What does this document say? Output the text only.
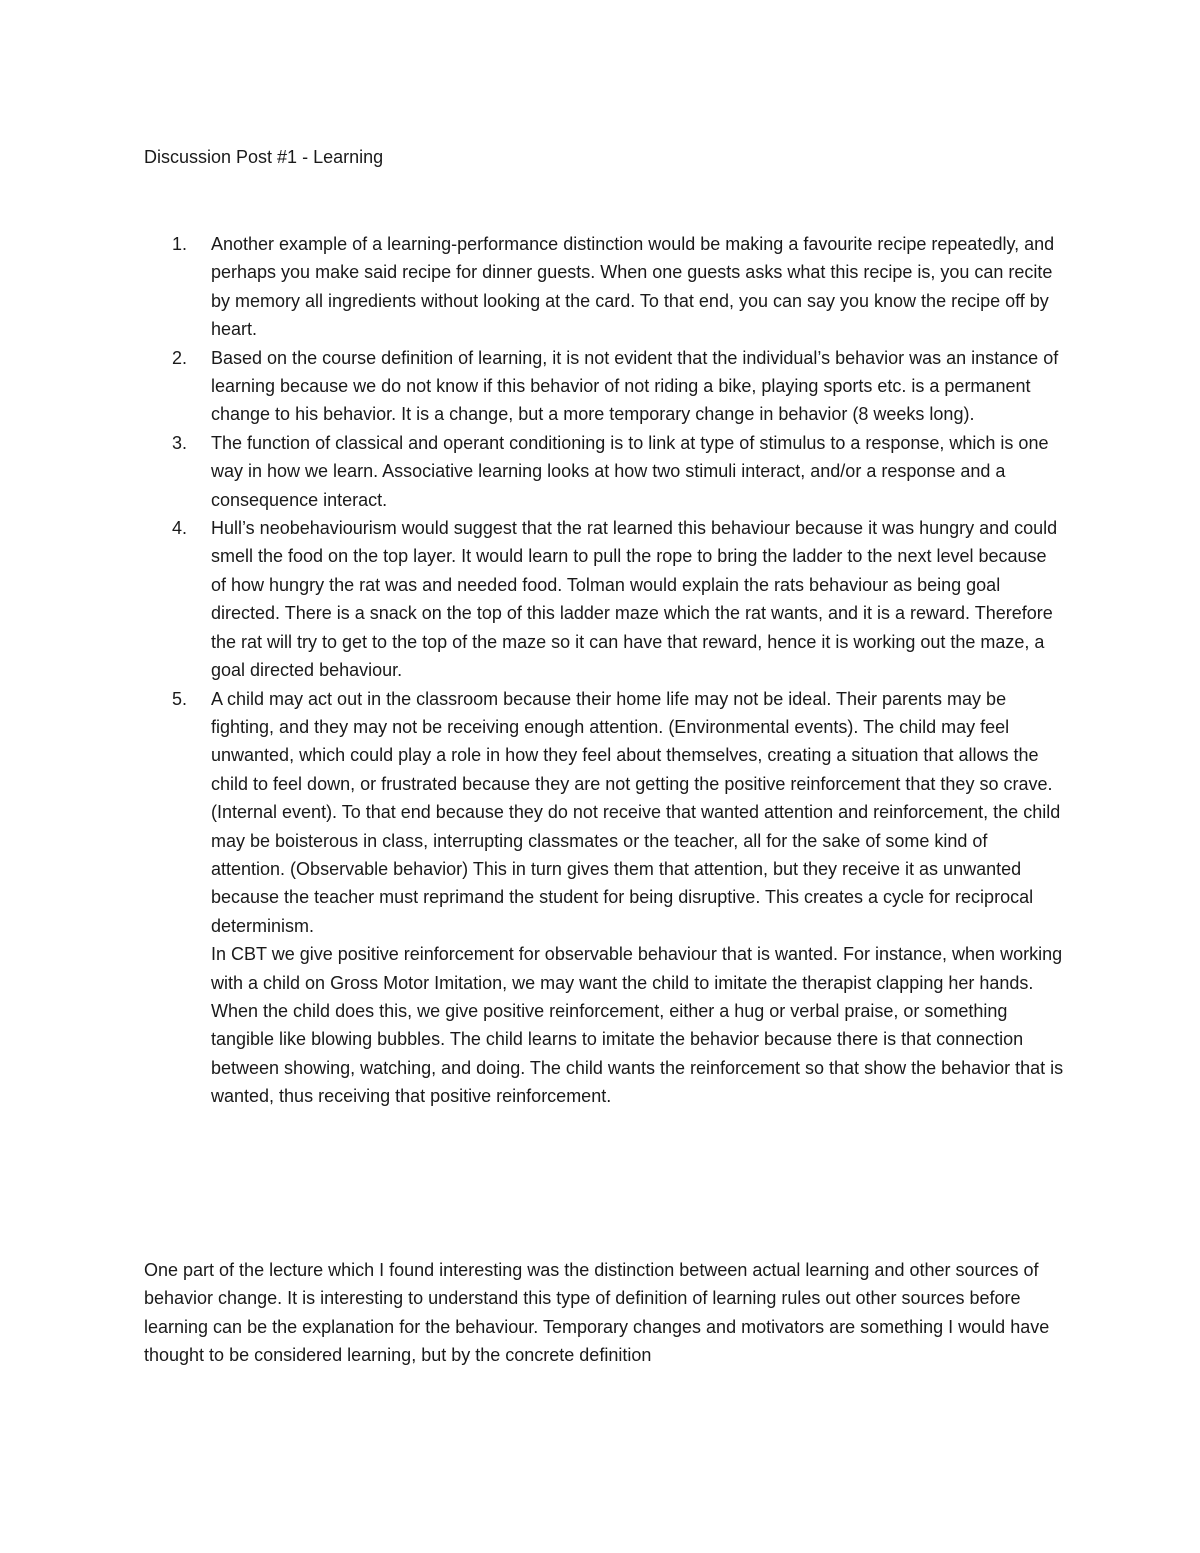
Discussion Post #1 - Learning
1. Another example of a learning-performance distinction would be making a favourite recipe repeatedly, and perhaps you make said recipe for dinner guests. When one guests asks what this recipe is, you can recite by memory all ingredients without looking at the card. To that end, you can say you know the recipe off by heart.
2. Based on the course definition of learning, it is not evident that the individual’s behavior was an instance of learning because we do not know if this behavior of not riding a bike, playing sports etc. is a permanent change to his behavior. It is a change, but a more temporary change in behavior (8 weeks long).
3. The function of classical and operant conditioning is to link at type of stimulus to a response, which is one way in how we learn. Associative learning looks at how two stimuli interact, and/or a response and a consequence interact.
4. Hull’s neobehaviourism would suggest that the rat learned this behaviour because it was hungry and could smell the food on the top layer. It would learn to pull the rope to bring the ladder to the next level because of how hungry the rat was and needed food. Tolman would explain the rats behaviour as being goal directed. There is a snack on the top of this ladder maze which the rat wants, and it is a reward. Therefore the rat will try to get to the top of the maze so it can have that reward, hence it is working out the maze, a goal directed behaviour.
5. A child may act out in the classroom because their home life may not be ideal. Their parents may be fighting, and they may not be receiving enough attention. (Environmental events). The child may feel unwanted, which could play a role in how they feel about themselves, creating a situation that allows the child to feel down, or frustrated because they are not getting the positive reinforcement that they so crave. (Internal event). To that end because they do not receive that wanted attention and reinforcement, the child may be boisterous in class, interrupting classmates or the teacher, all for the sake of some kind of attention. (Observable behavior) This in turn gives them that attention, but they receive it as unwanted because the teacher must reprimand the student for being disruptive. This creates a cycle for reciprocal determinism.
In CBT we give positive reinforcement for observable behaviour that is wanted. For instance, when working with a child on Gross Motor Imitation, we may want the child to imitate the therapist clapping her hands. When the child does this, we give positive reinforcement, either a hug or verbal praise, or something tangible like blowing bubbles. The child learns to imitate the behavior because there is that connection between showing, watching, and doing. The child wants the reinforcement so that show the behavior that is wanted, thus receiving that positive reinforcement.

One part of the lecture which I found interesting was the distinction between actual learning and other sources of behavior change. It is interesting to understand this type of definition of learning rules out other sources before learning can be the explanation for the behaviour. Temporary changes and motivators are something I would have thought to be considered learning, but by the concrete definition
